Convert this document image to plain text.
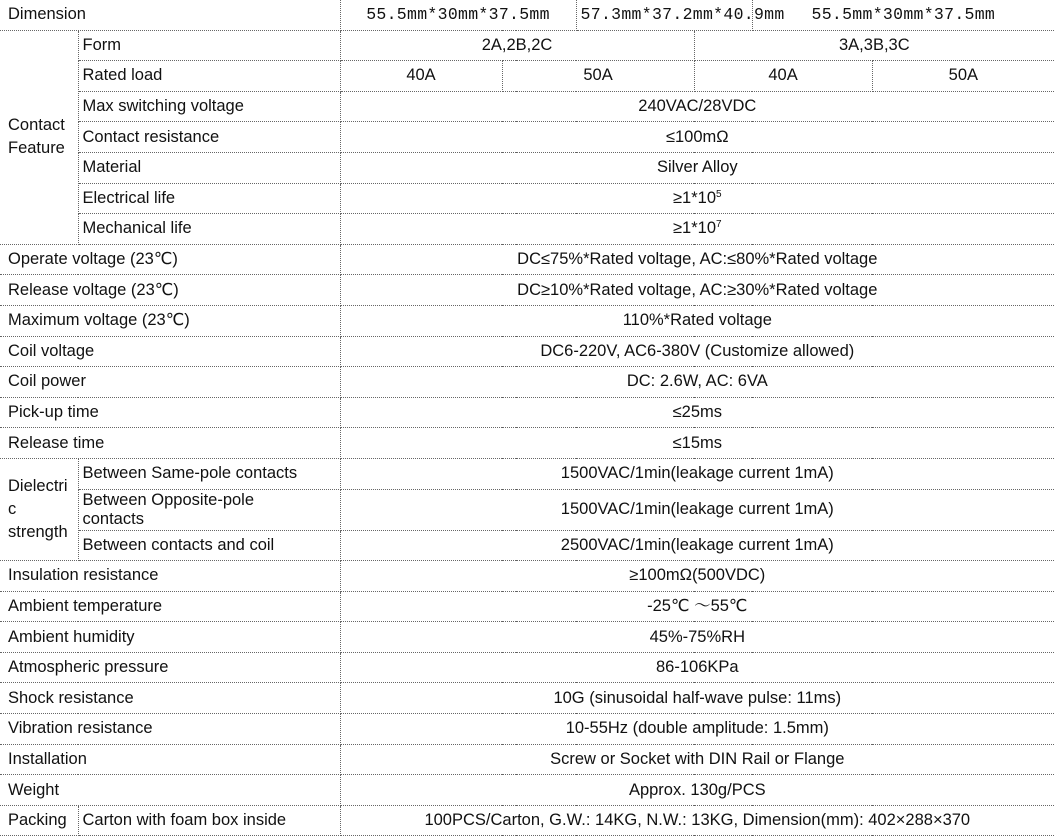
Dimension		55.5mm*30mm*37.5mm		57.3mm*37.2mm*40.9mm		55.5mm*30mm*37.5mm	
Contact
Feature	Form	2A,2B,2C			3A,3B,3C		
	Rated load	40A	50A		40A		50A
	Max switching voltage	240VAC/28VDC					
	Contact resistance	≤100mΩ					
	Material	Silver Alloy					
	Electrical life	$\ge 1*10^5$
	Mechanical life	$\ge 1*10^7$
Operate voltage (23℃)		DC≤75%*Rated voltage, AC:≤80%*Rated voltage					
Release voltage (23℃)		DC≥10%*Rated voltage, AC:≥30%*Rated voltage					
Maximum voltage (23℃)		110%*Rated voltage					
Coil voltage		DC6-220V, AC6-380V (Customize allowed)					
Coil power		DC: 2.6W, AC: 6VA					
Pick-up time		≤25ms					
Release time		≤15ms					
Dielectri
c
strength	Between Same-pole contacts	1500VAC/1min(leakage current 1mA)					
	Between Opposite-pole
contacts	1500VAC/1min(leakage current 1mA)					
	Between contacts and coil	2500VAC/1min(leakage current 1mA)					
Insulation resistance		≥100mΩ(500VDC)					
Ambient temperature		-25℃ ～55℃					
Ambient humidity		45%-75%RH					
Atmospheric pressure		86-106KPa					
Shock resistance		10G (sinusoidal half-wave pulse: 11ms)					
Vibration resistance		10-55Hz (double amplitude: 1.5mm)					
Installation		Screw or Socket with DIN Rail or Flange					
Weight		Approx. 130g/PCS					
Packing	Carton with foam box inside	100PCS/Carton, G.W.: 14KG, N.W.: 13KG, Dimension(mm): 402×288×370					
